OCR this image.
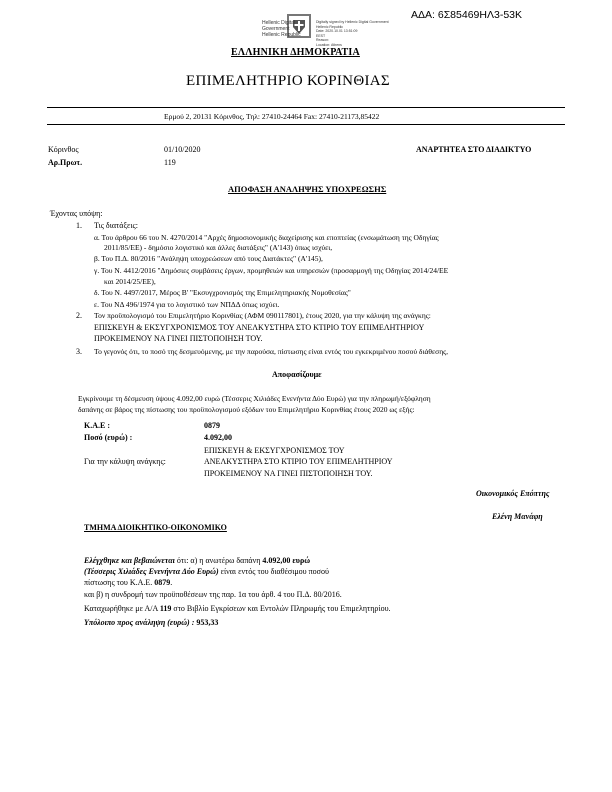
ΑΔΑ: 6Σ85469ΗΛ3-53Κ
Hellenic Digital
Government
Hellenic Republic
Digitally signed by Hellenic Digital Government
Hellenic Republic
Date: 2020.10.01 13:51:09
EEST
Reason:
Location: Athens
ΕΛΛΗΝΙΚΗ ΔΗΜΟΚΡΑΤΙΑ
ΕΠΙΜΕΛΗΤΗΡΙΟ ΚΟΡΙΝΘΙΑΣ
Ερμού 2, 20131 Κόρινθος, Τηλ: 27410-24464 Fax: 27410-21173,85422
Κόρινθος	01/10/2020	ΑΝΑΡΤΗΤΕΑ ΣΤΟ ΔΙΑΔΙΚΤΥΟ
Αρ.Πρωτ.	119
ΑΠΟΦΑΣΗ ΑΝΑΛΗΨΗΣ ΥΠΟΧΡΕΩΣΗΣ
Έχοντας υπόψη:
1. Τις διατάξεις:
α. Του άρθρου 66 του Ν. 4270/2014 "Αρχές δημοσιονομικής διαχείρισης και εποπτείας (ενσωμάτωση της Οδηγίας
2011/85/ΕΕ) - δημόσιο λογιστικό και άλλες διατάξεις" (Α'143) όπως ισχύει,
β. Του Π.Δ. 80/2016 "Ανάληψη υποχρεώσεων από τους Διατάκτες" (Α'145),
γ. Του Ν. 4412/2016 "Δημόσιες συμβάσεις έργων, προμηθειών και υπηρεσιών (προσαρμογή της Οδηγίας 2014/24/ΕΕ
και 2014/25/ΕΕ),
δ. Του Ν. 4497/2017, Μέρος Β' "Εκσυγχρονισμός της Επιμελητηριακής Νομοθεσίας"
ε. Του ΝΔ 496/1974 για το λογιστικό των ΝΠΔΔ όπως ισχύει.
2. Τον προϋπολογισμό του Επιμελητήριο Κορινθίας (ΑΦΜ 090117801), έτους 2020, για την κάλυψη της ανάγκης:
ΕΠΙΣΚΕΥΗ & ΕΚΣΥΓΧΡΟΝΙΣΜΟΣ ΤΟΥ ΑΝΕΛΚΥΣΤΗΡΑ ΣΤΟ ΚΤΙΡΙΟ ΤΟΥ ΕΠΙΜΕΛΗΤΗΡΙΟΥ
ΠΡΟΚΕΙΜΕΝΟΥ ΝΑ ΓΙΝΕΙ ΠΙΣΤΟΠΟΙΗΣΗ ΤΟΥ.
3. Το γεγονός ότι, το ποσό της δεσμευόμενης, με την παρούσα, πίστωσης είναι εντός του εγκεκριμένου ποσού διάθεσης,
Αποφασίζουμε
Εγκρίνουμε τη δέσμευση ύψους 4.092,00 ευρώ (Τέσσερις Χιλιάδες Ενενήντα Δύο Ευρώ) για την πληρωμή/εξόφληση
δαπάνης σε βάρος της πίστωσης του προϋπολογισμού εξόδων του Επιμελητήριο Κορινθίας έτους 2020 ως εξής:
Κ.Α.Ε :	0879
Ποσό (ευρώ) :	4.092,00
Για την κάλυψη ανάγκης:
ΕΠΙΣΚΕΥΗ & ΕΚΣΥΓΧΡΟΝΙΣΜΟΣ ΤΟΥ
ΑΝΕΛΚΥΣΤΗΡΑ ΣΤΟ ΚΤΙΡΙΟ ΤΟΥ ΕΠΙΜΕΛΗΤΗΡΙΟΥ
ΠΡΟΚΕΙΜΕΝΟΥ ΝΑ ΓΙΝΕΙ ΠΙΣΤΟΠΟΙΗΣΗ ΤΟΥ.
Οικονομικός Επόπτης
Ελένη Μανάφη
ΤΜΗΜΑ ΔΙΟΙΚΗΤΙΚΟ-ΟΙΚΟΝΟΜΙΚΟ
Ελέγχθηκε και βεβαιώνεται ότι: α) η ανωτέρω δαπάνη 4.092,00 ευρώ
(Τέσσερις Χιλιάδες Ενενήντα Δύο Ευρώ) είναι εντός του διαθέσιμου ποσού
πίστωσης του Κ.Α.Ε. 0879.
και β) η συνδρομή των προϋποθέσεων της παρ. 1α του άρθ. 4 του Π.Δ. 80/2016.
Καταχωρήθηκε με Α/Α 119 στο Βιβλίο Εγκρίσεων και Εντολών Πληρωμής του Επιμελητηρίου.
Υπόλοιπο προς ανάληψη (ευρώ) : 953,33
